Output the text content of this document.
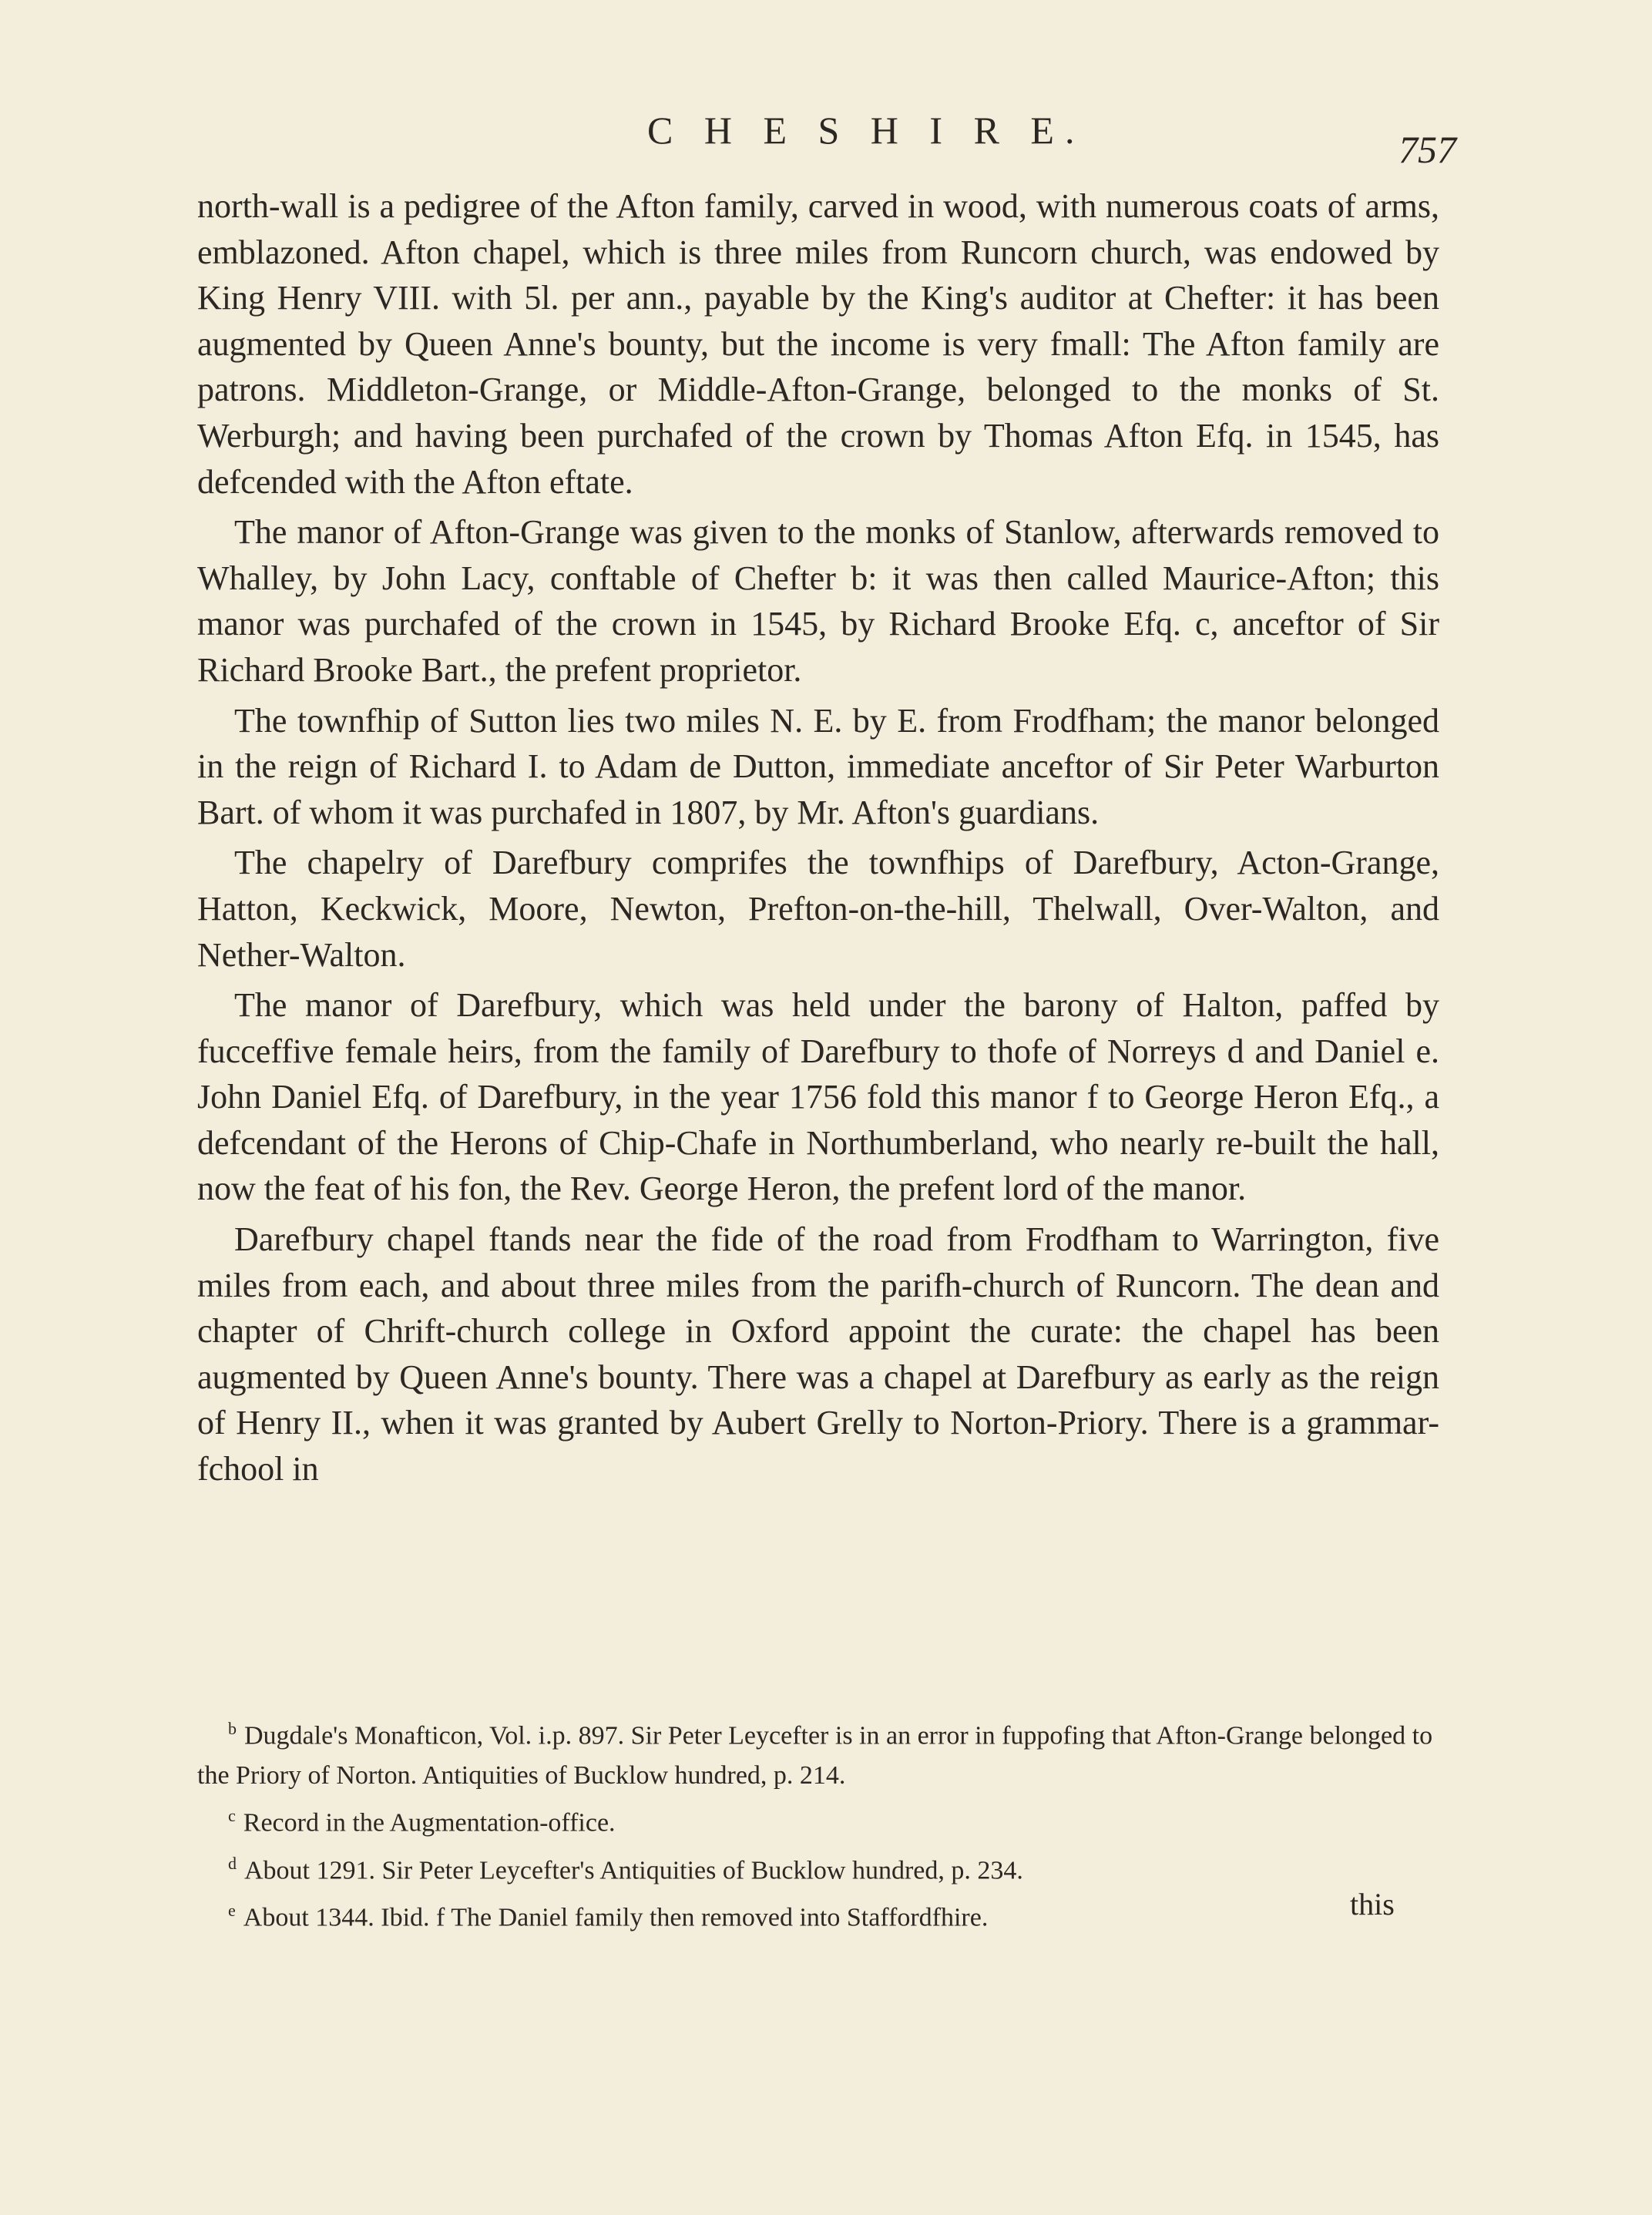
C H E S H I R E.	757

north-wall is a pedigree of the Afton family, carved in wood, with numerous coats of arms, emblazoned. Afton chapel, which is three miles from Runcorn church, was endowed by King Henry VIII. with 5l. per ann., payable by the King's auditor at Chefter: it has been augmented by Queen Anne's bounty, but the income is very fmall: The Afton family are patrons. Middleton-Grange, or Middle-Afton-Grange, belonged to the monks of St. Werburgh; and having been purchafed of the crown by Thomas Afton Efq. in 1545, has defcended with the Afton eftate.

The manor of Afton-Grange was given to the monks of Stanlow, afterwards removed to Whalley, by John Lacy, conftable of Chefter b: it was then called Maurice-Afton; this manor was purchafed of the crown in 1545, by Richard Brooke Efq. c, anceftor of Sir Richard Brooke Bart., the prefent proprietor.

The townfhip of Sutton lies two miles N. E. by E. from Frodfham; the manor belonged in the reign of Richard I. to Adam de Dutton, immediate anceftor of Sir Peter Warburton Bart. of whom it was purchafed in 1807, by Mr. Afton's guardians.

The chapelry of Darefbury comprifes the townfhips of Darefbury, Acton-Grange, Hatton, Keckwick, Moore, Newton, Prefton-on-the-hill, Thelwall, Over-Walton, and Nether-Walton.

The manor of Darefbury, which was held under the barony of Halton, paffed by fucceffive female heirs, from the family of Darefbury to thofe of Norreys d and Daniel e. John Daniel Efq. of Darefbury, in the year 1756 fold this manor f to George Heron Efq., a defcendant of the Herons of Chip-Chafe in Northumberland, who nearly re-built the hall, now the feat of his fon, the Rev. George Heron, the prefent lord of the manor.

Darefbury chapel ftands near the fide of the road from Frodfham to Warrington, five miles from each, and about three miles from the parifh-church of Runcorn. The dean and chapter of Chrift-church college in Oxford appoint the curate: the chapel has been augmented by Queen Anne's bounty. There was a chapel at Darefbury as early as the reign of Henry II., when it was granted by Aubert Grelly to Norton-Priory. There is a grammar-fchool in

$^b$ Dugdale's Monafticon, Vol. i.p. 897. Sir Peter Leycefter is in an error in fuppofing that Afton-Grange belonged to the Priory of Norton. Antiquities of Bucklow hundred, p. 214.

$^c$ Record in the Augmentation-office.

$^d$ About 1291. Sir Peter Leycefter's Antiquities of Bucklow hundred, p. 234.

$^e$ About 1344. Ibid. f The Daniel family then removed into Staffordfhire.	this
